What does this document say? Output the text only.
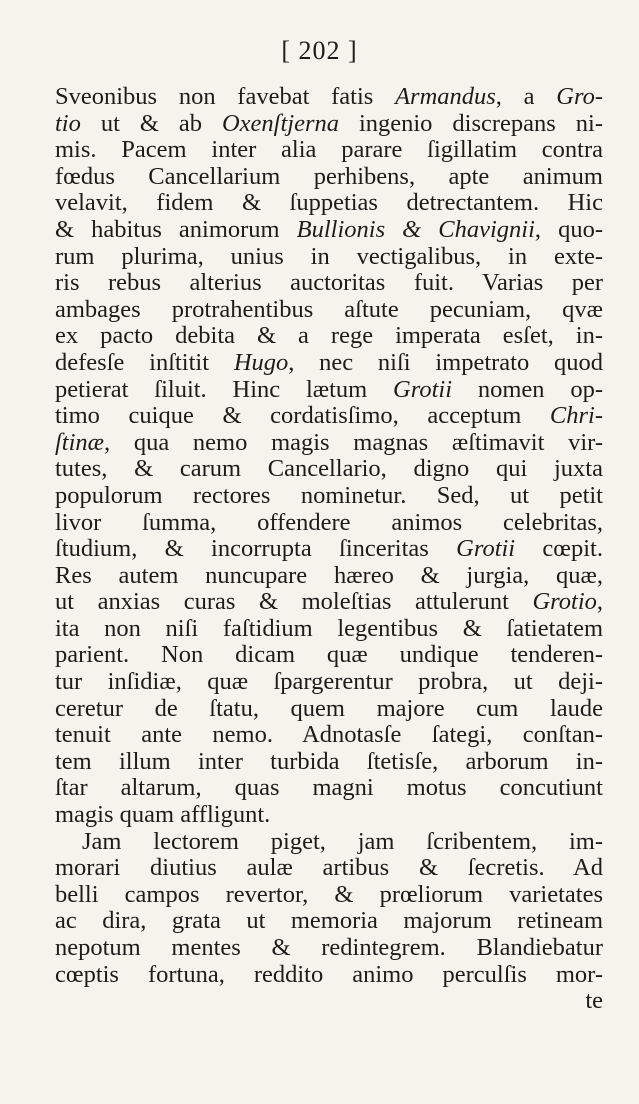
[ 202 ]
Sveonibus non favebat fatis Armandus, a Gro-
tio ut & ab Oxenſtjerna ingenio discrepans ni-
mis. Pacem inter alia parare ſigillatim contra
fœdus Cancellarium perhibens, apte animum
velavit, fidem & ſuppetias detrectantem. Hic
& habitus animorum Bullionis & Chavignii, quo-
rum plurima, unius in vectigalibus, in exte-
ris rebus alterius auctoritas fuit. Varias per
ambages protrahentibus aſtute pecuniam, qvæ
ex pacto debita & a rege imperata esſet, in-
defesſe inſtitit Hugo, nec niſi impetrato quod
petierat ſiluit. Hinc lætum Grotii nomen op-
timo cuique & cordatisſimo, acceptum Chri-
ſtinæ, qua nemo magis magnas æſtimavit vir-
tutes, & carum Cancellario, digno qui juxta
populorum rectores nominetur. Sed, ut petit
livor ſumma, offendere animos celebritas,
ſtudium, & incorrupta ſinceritas Grotii cœpit.
Res autem nuncupare hæreo & jurgia, quæ,
ut anxias curas & moleſtias attulerunt Grotio,
ita non niſi faſtidium legentibus & ſatietatem
parient. Non dicam quæ undique tenderen-
tur inſidiæ, quæ ſpargerentur probra, ut deji-
ceretur de ſtatu, quem majore cum laude
tenuit ante nemo. Adnotasſe ſategi, conſtan-
tem illum inter turbida ſtetisſe, arborum in-
ſtar altarum, quas magni motus concutiunt
magis quam affligunt.
Jam lectorem piget, jam ſcribentem, im-
morari diutius aulæ artibus & ſecretis. Ad
belli campos revertor, & prœliorum varietates
ac dira, grata ut memoria majorum retineam
nepotum mentes & redintegrem. Blandiebatur
cœptis fortuna, reddito animo perculſis mor-
te
